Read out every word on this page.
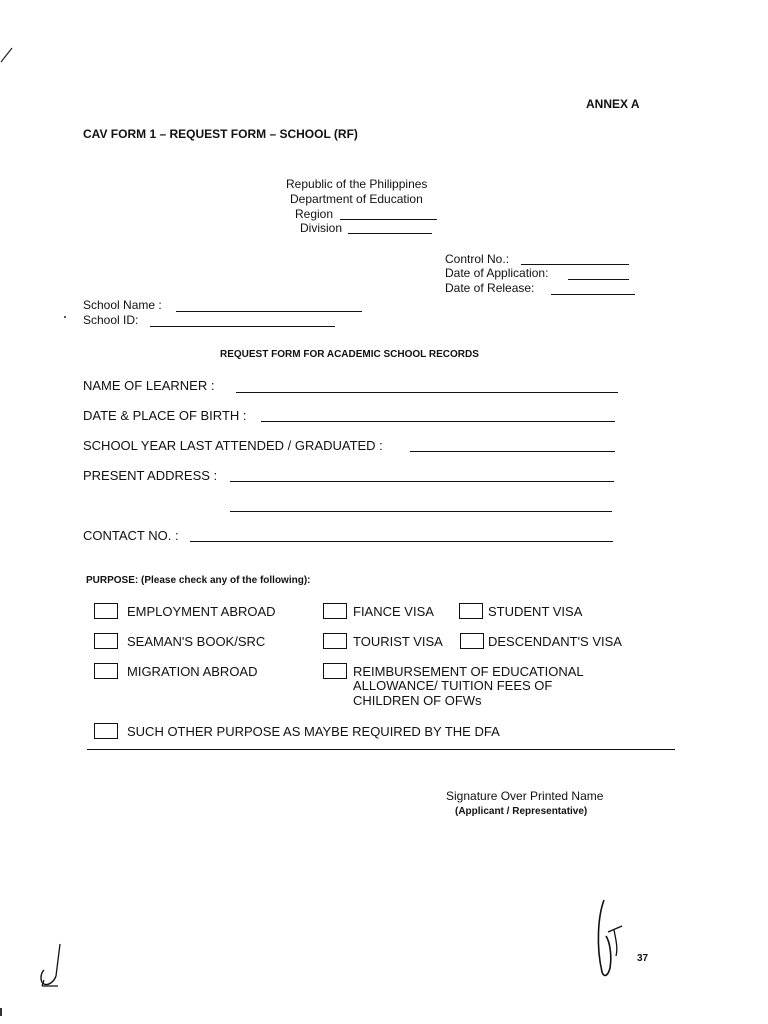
ANNEX A
CAV FORM 1 – REQUEST FORM – SCHOOL (RF)
Republic of the Philippines
Department of Education
Region
Division
Control No.:
Date of Application:
Date of Release:
School Name :
School ID:
REQUEST FORM FOR ACADEMIC SCHOOL RECORDS
NAME OF LEARNER :
DATE & PLACE OF BIRTH :
SCHOOL YEAR LAST ATTENDED / GRADUATED :
PRESENT ADDRESS :
CONTACT NO. :
PURPOSE: (Please check any of the following):
EMPLOYMENT ABROAD	FIANCE VISA	STUDENT VISA
SEAMAN'S BOOK/SRC	TOURIST VISA	DESCENDANT'S VISA
MIGRATION ABROAD	REIMBURSEMENT OF EDUCATIONAL
ALLOWANCE/ TUITION FEES OF
CHILDREN OF OFWs
SUCH OTHER PURPOSE AS MAYBE REQUIRED BY THE DFA
Signature Over Printed Name
(Applicant / Representative)
37
